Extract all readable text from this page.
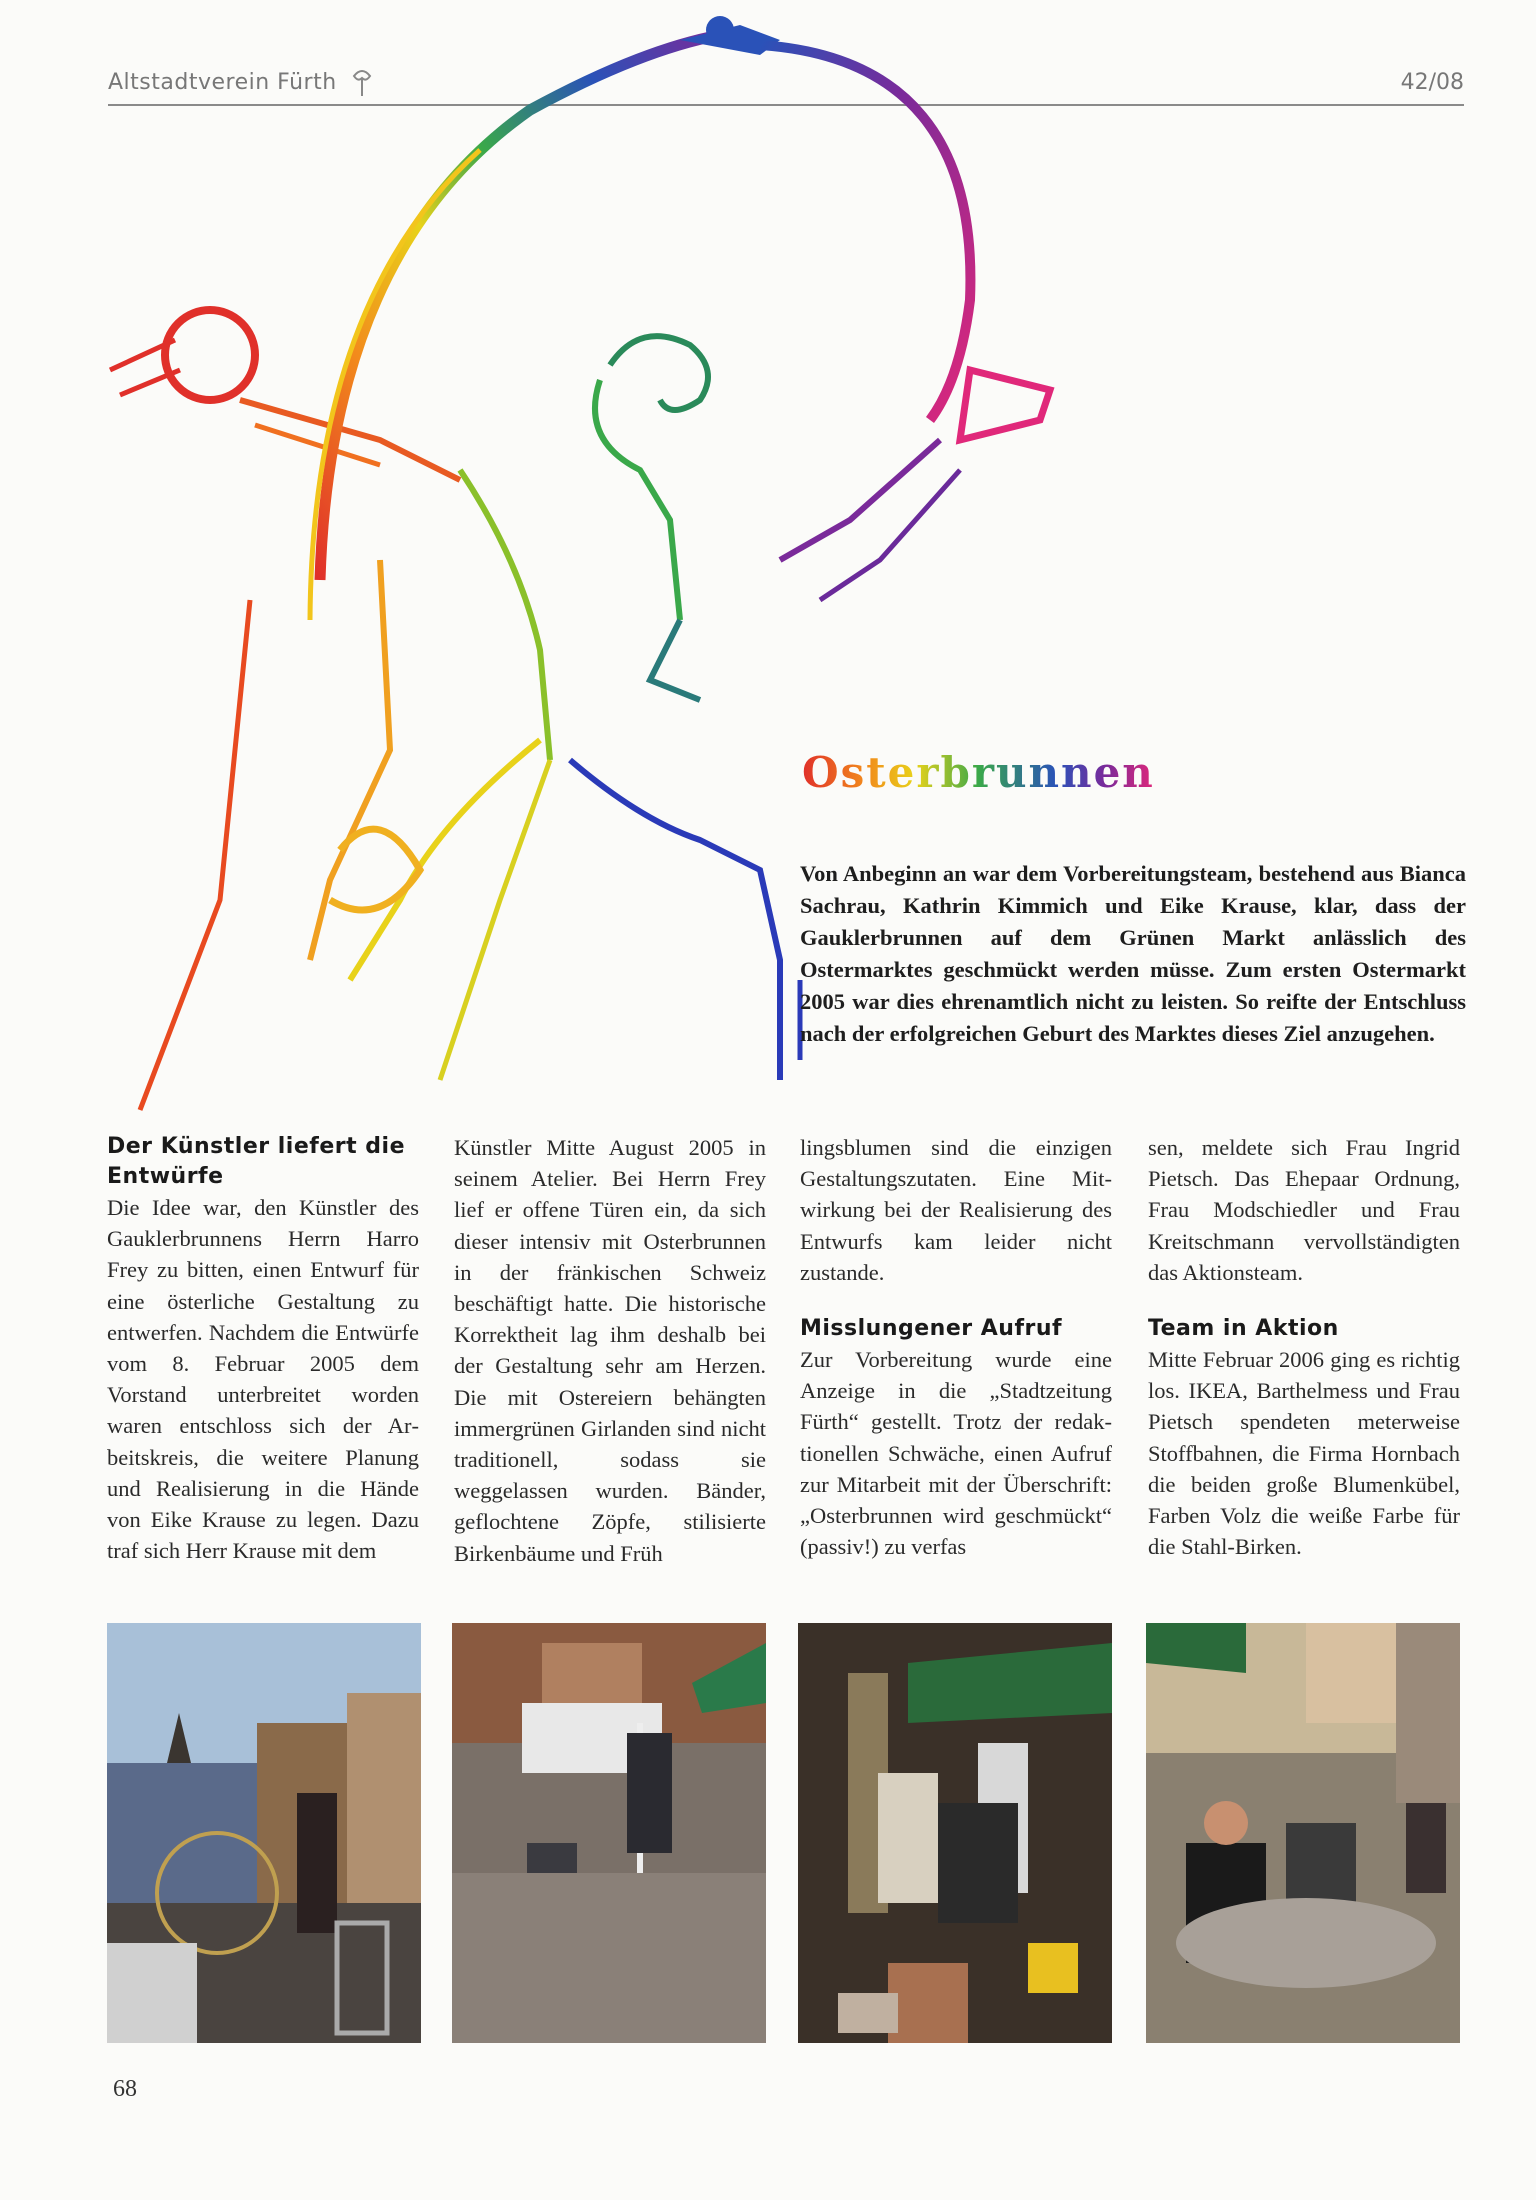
Altstadtverein Fürth	42/08
Osterbrunnen

Von Anbeginn an war dem Vorbereitungsteam, bestehend aus Bianca Sachrau, Kathrin Kimmich und Eike Krause, klar, dass der Gauklerbrunnen auf dem Grünen Markt anlässlich des Ostermarktes geschmückt werden müsse. Zum ersten Ostermarkt 2005 war dies ehrenamtlich nicht zu leisten. So reifte der Entschluss nach der erfolgreichen Geburt des Marktes dieses Ziel anzugehen.

Der Künstler liefert die Entwürfe

Die Idee war, den Künstler des Gauklerbrunnens Herrn Harro Frey zu bitten, einen Entwurf für eine österliche Gestaltung zu entwerfen. Nachdem die Entwürfe vom 8. Februar 2005 dem Vorstand unterbreitet worden waren entschloss sich der Arbeitskreis, die weitere Planung und Realisierung in die Hände von Eike Krause zu legen. Dazu traf sich Herr Krause mit dem

Künstler Mitte August 2005 in seinem Atelier. Bei Herrn Frey lief er offene Türen ein, da sich dieser intensiv mit Osterbrunnen in der fränkischen Schweiz beschäftigt hatte. Die historische Korrektheit lag ihm deshalb bei der Gestaltung sehr am Herzen. Die mit Ostereiern behängten immergrünen Girlanden sind nicht traditionell, sodass sie weggelassen wurden. Bänder, geflochtene Zöpfe, stilisierte Birkenbäume und Früh

lingsblumen sind die einzigen Gestaltungszutaten. Eine Mitwirkung bei der Realisierung des Entwurfs kam leider nicht zustande.

Misslungener Aufruf

Zur Vorbereitung wurde eine Anzeige in die „Stadtzeitung Fürth“ gestellt. Trotz der redaktionellen Schwäche, einen Aufruf zur Mitarbeit mit der Überschrift: „Osterbrunnen wird geschmückt“ (passiv!) zu verfas

sen, meldete sich Frau Ingrid Pietsch. Das Ehepaar Ordnung, Frau Modschiedler und Frau Kreitschmann vervollständigten das Aktionsteam.

Team in Aktion

Mitte Februar 2006 ging es richtig los. IKEA, Barthelmess und Frau Pietsch spendeten meterweise Stoffbahnen, die Firma Hornbach die beiden große Blumenkübel, Farben Volz die weiße Farbe für die Stahl-Birken.

68
